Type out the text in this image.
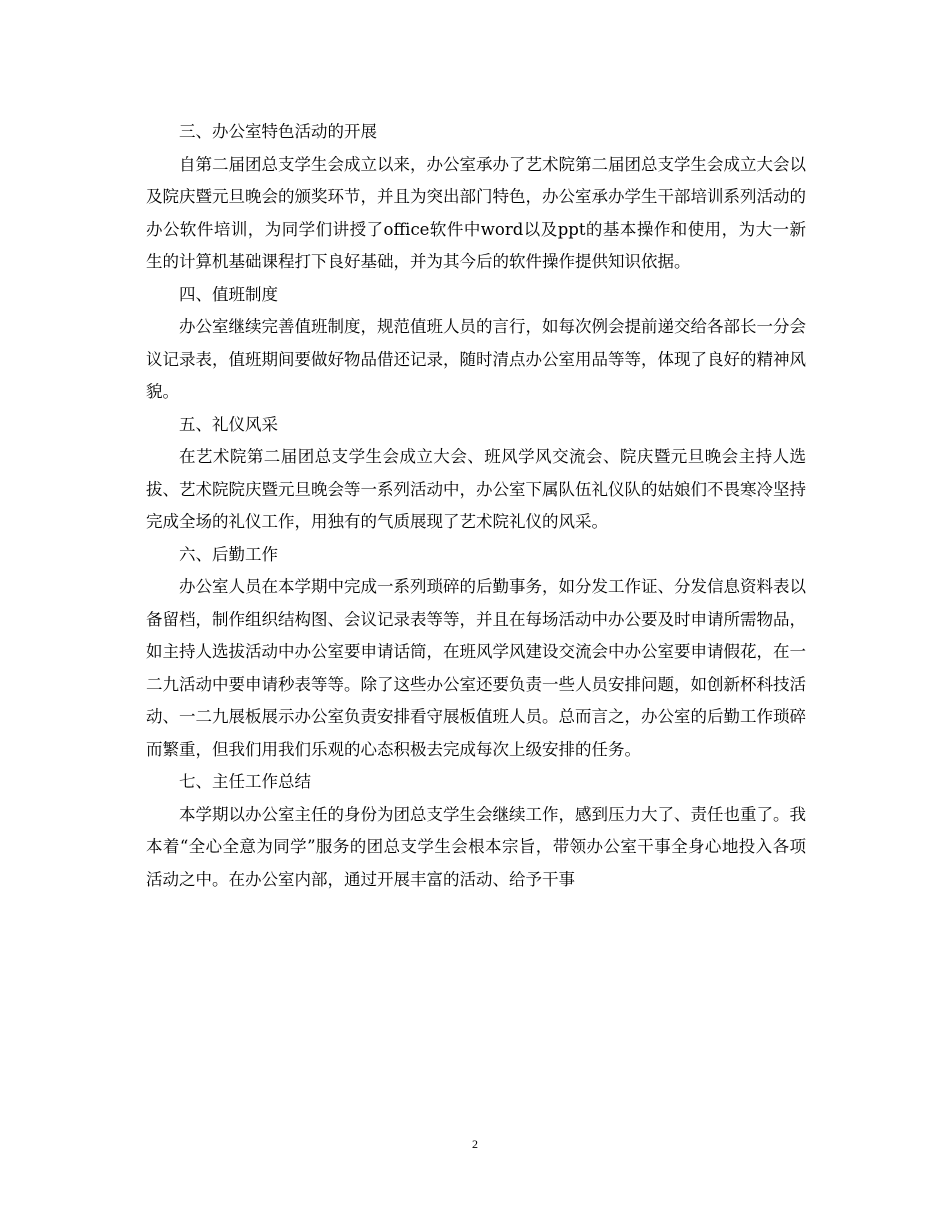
三、办公室特色活动的开展

自第二届团总支学生会成立以来，办公室承办了艺术院第二届团总支学生会成立大会以及院庆暨元旦晚会的颁奖环节，并且为突出部门特色，办公室承办学生干部培训系列活动的办公软件培训，为同学们讲授了office软件中word以及ppt的基本操作和使用，为大一新生的计算机基础课程打下良好基础，并为其今后的软件操作提供知识依据。

四、值班制度

办公室继续完善值班制度，规范值班人员的言行，如每次例会提前递交给各部长一分会议记录表，值班期间要做好物品借还记录，随时清点办公室用品等等，体现了良好的精神风貌。

五、礼仪风采

在艺术院第二届团总支学生会成立大会、班风学风交流会、院庆暨元旦晚会主持人选拔、艺术院院庆暨元旦晚会等一系列活动中，办公室下属队伍礼仪队的姑娘们不畏寒冷坚持完成全场的礼仪工作，用独有的气质展现了艺术院礼仪的风采。

六、后勤工作

办公室人员在本学期中完成一系列琐碎的后勤事务，如分发工作证、分发信息资料表以备留档，制作组织结构图、会议记录表等等，并且在每场活动中办公要及时申请所需物品，如主持人选拔活动中办公室要申请话筒，在班风学风建设交流会中办公室要申请假花，在一二九活动中要申请秒表等等。除了这些办公室还要负责一些人员安排问题，如创新杯科技活动、一二九展板展示办公室负责安排看守展板值班人员。总而言之，办公室的后勤工作琐碎而繁重，但我们用我们乐观的心态积极去完成每次上级安排的任务。

七、主任工作总结

本学期以办公室主任的身份为团总支学生会继续工作，感到压力大了、责任也重了。我本着“全心全意为同学”服务的团总支学生会根本宗旨，带领办公室干事全身心地投入各项活动之中。在办公室内部，通过开展丰富的活动、给予干事

2
